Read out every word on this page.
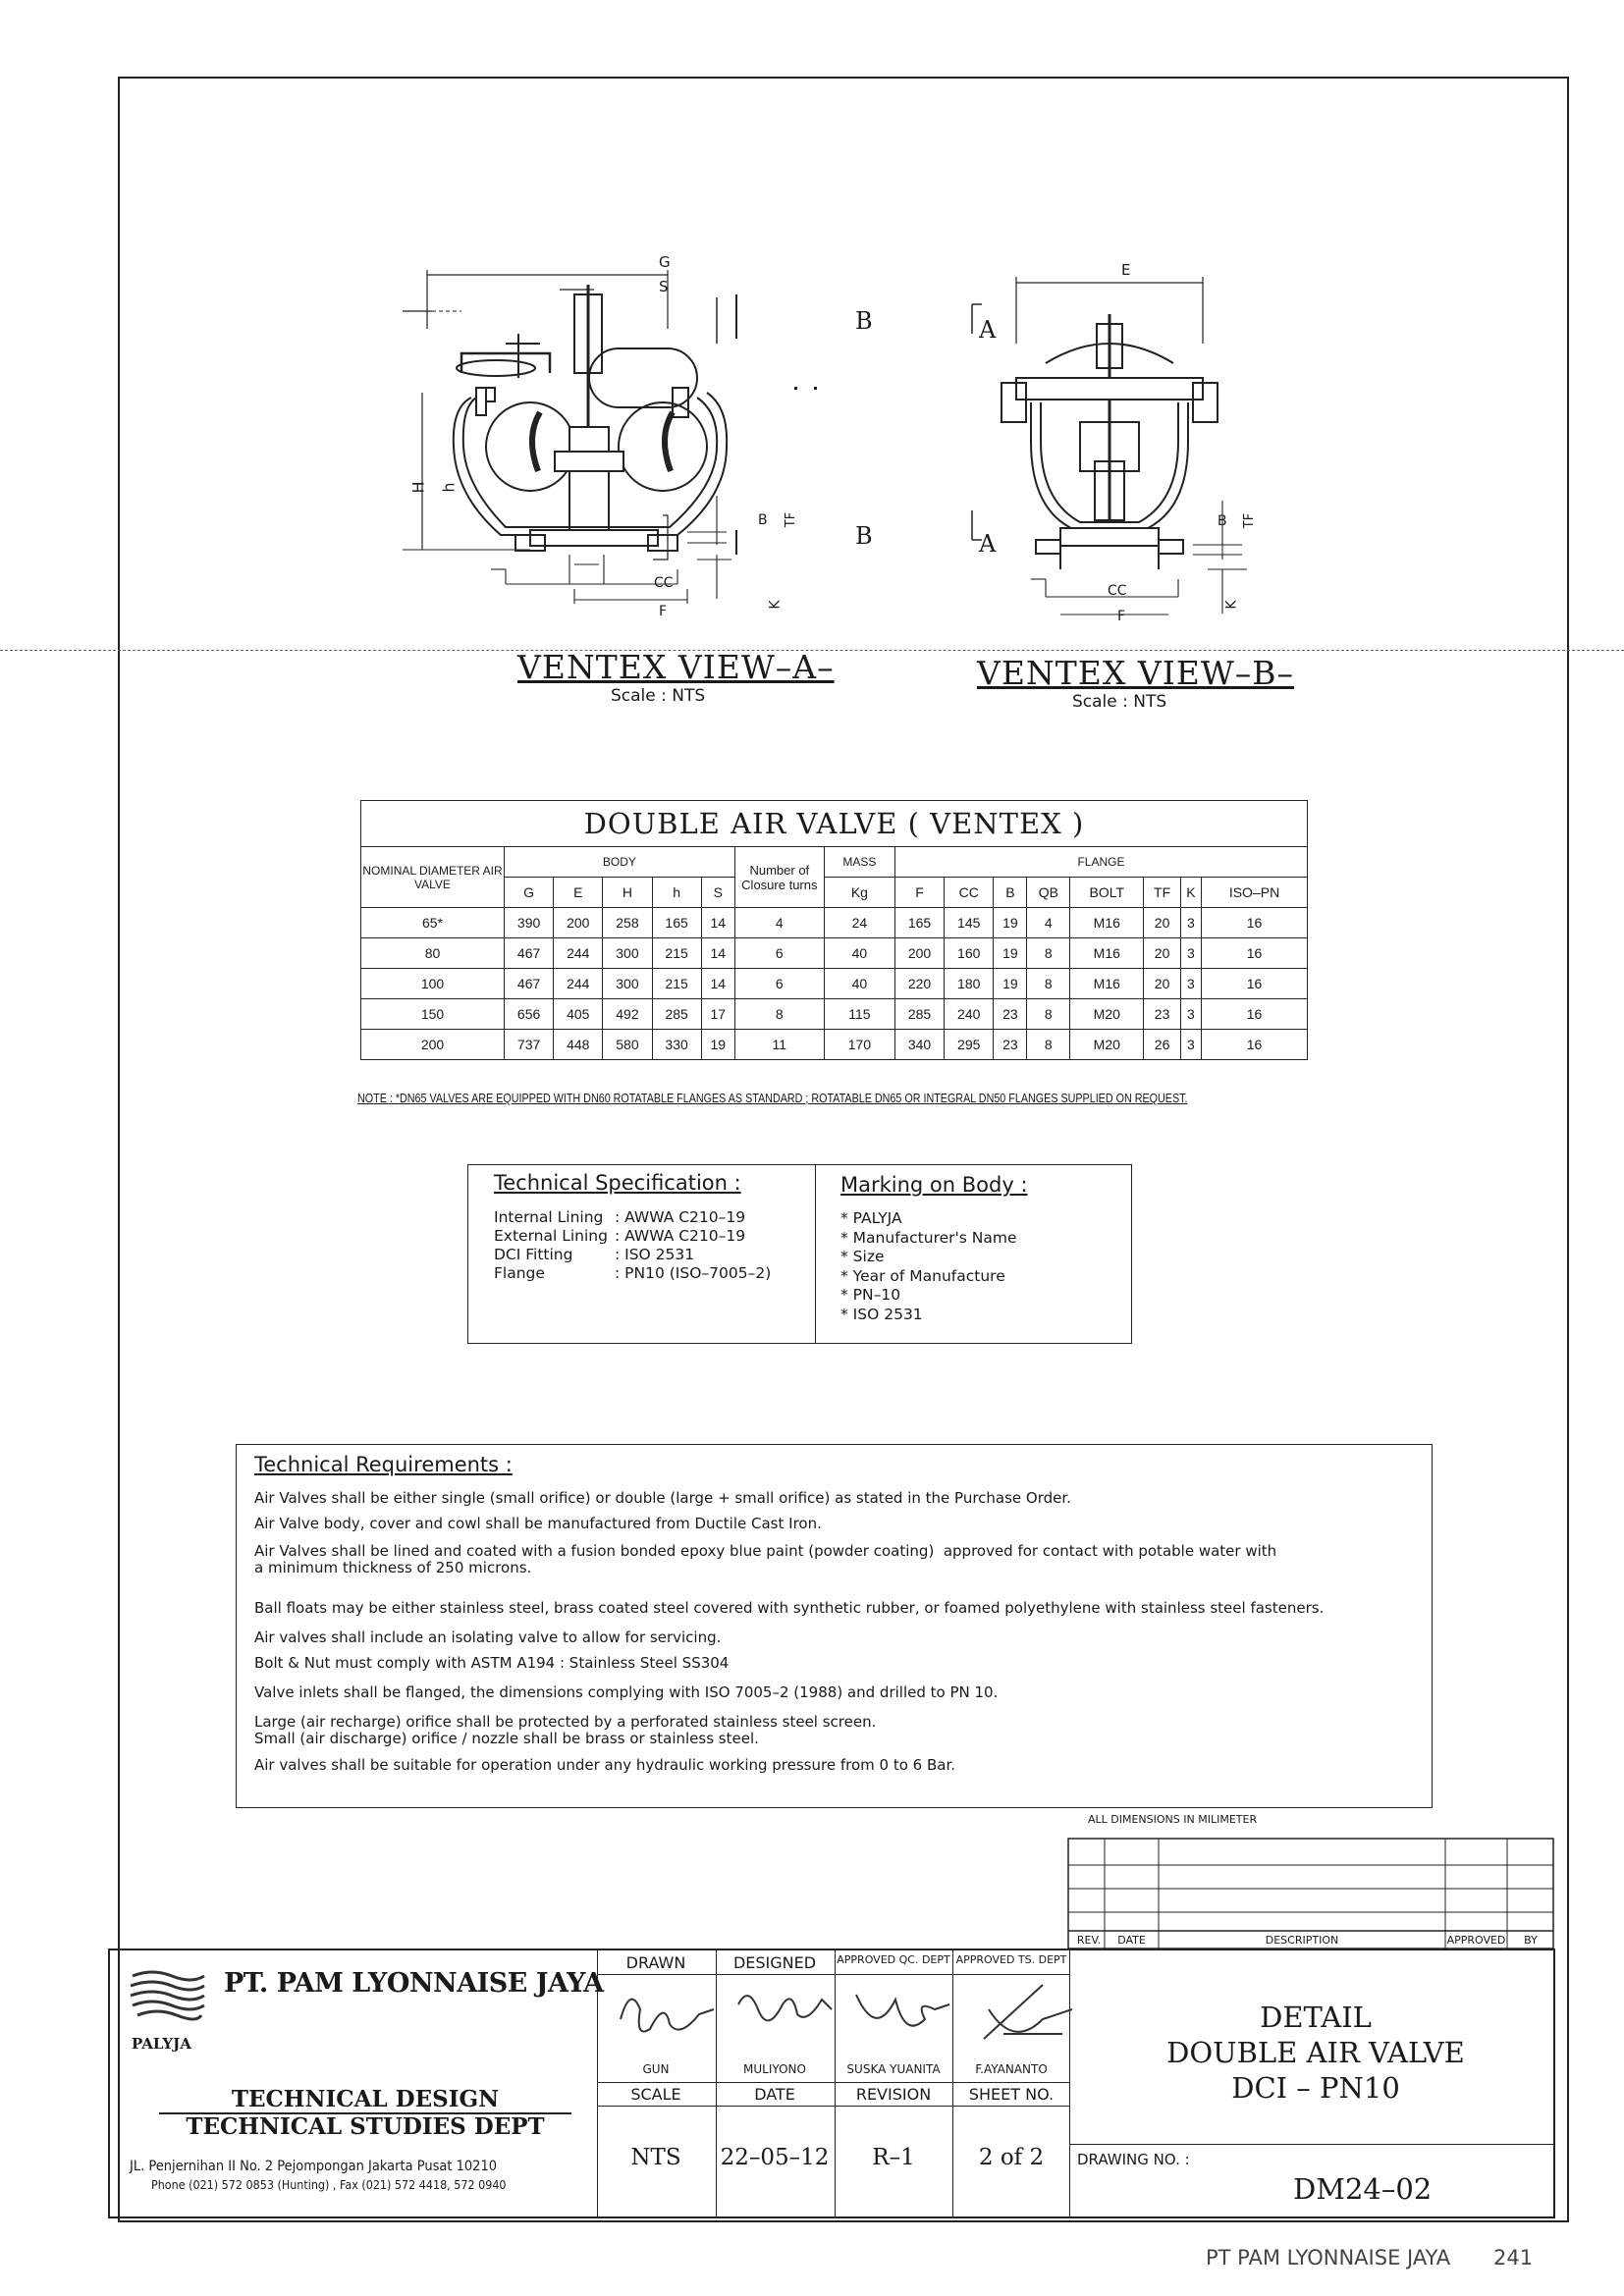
G
S
B
B
H h
B TF
CC
F	K
VENTEX VIEW–A–
Scale : NTS
E
A
A
B TF
CC
F
K
VENTEX VIEW–B–
Scale : NTS
DOUBLE AIR VALVE ( VENTEX )															
NOMINAL DIAMETER AIR VALVE	BODY					Number of Closure turns	MASS	FLANGE							
	G	E	H	h	S		Kg	F	CC	B	QB	BOLT	TF	K	ISO–PN
65*	390	200	258	165	14	4	24	165	145	19	4	M16	20	3	16
80	467	244	300	215	14	6	40	200	160	19	8	M16	20	3	16
100	467	244	300	215	14	6	40	220	180	19	8	M16	20	3	16
150	656	405	492	285	17	8	115	285	240	23	8	M20	23	3	16
200	737	448	580	330	19	11	170	340	295	23	8	M20	26	3	16
NOTE : *DN65 VALVES ARE EQUIPPED WITH DN60 ROTATABLE FLANGES AS STANDARD ; ROTATABLE DN65 OR INTEGRAL DN50 FLANGES SUPPLIED ON REQUEST.
Technical Specification :
Internal Lining : AWWA C210–19
External Lining : AWWA C210–19
DCI Fitting	: ISO 2531
Flange	: PN10 (ISO–7005–2)
Marking on Body :
* PALYJA
* Manufacturer's Name
* Size
* Year of Manufacture
* PN–10
* ISO 2531
Technical Requirements :
Air Valves shall be either single (small orifice) or double (large + small orifice) as stated in the Purchase Order.
Air Valve body, cover and cowl shall be manufactured from Ductile Cast Iron.
Air Valves shall be lined and coated with a fusion bonded epoxy blue paint (powder coating)  approved for contact with potable water with
a minimum thickness of 250 microns.
Ball floats may be either stainless steel, brass coated steel covered with synthetic rubber, or foamed polyethylene with stainless steel fasteners.
Air valves shall include an isolating valve to allow for servicing.
Bolt & Nut must comply with ASTM A194 : Stainless Steel SS304
Valve inlets shall be flanged, the dimensions complying with ISO 7005–2 (1988) and drilled to PN 10.
Large (air recharge) orifice shall be protected by a perforated stainless steel screen.
Small (air discharge) orifice / nozzle shall be brass or stainless steel.
Air valves shall be suitable for operation under any hydraulic working pressure from 0 to 6 Bar.
ALL DIMENSIONS IN MILIMETER
REV.	DATE	DESCRIPTION	APPROVED	BY
PT. PAM LYONNAISE JAYA
PALYJA
TECHNICAL DESIGN
TECHNICAL STUDIES DEPT
JL. Penjernihan II No. 2 Pejompongan Jakarta Pusat 10210
Phone (021) 572 0853 (Hunting) , Fax (021) 572 4418, 572 0940
DRAWN
GUN
SCALE
NTS
DESIGNED
MULIYONO
DATE
22–05–12
APPROVED QC. DEPT
SUSKA YUANITA
REVISION
R–1
APPROVED TS. DEPT
F.AYANANTO
SHEET NO.
2 of 2
DETAIL
DOUBLE AIR VALVE
DCI – PN10
DRAWING NO. :
DM24–02
PT PAM LYONNAISE JAYA 241
